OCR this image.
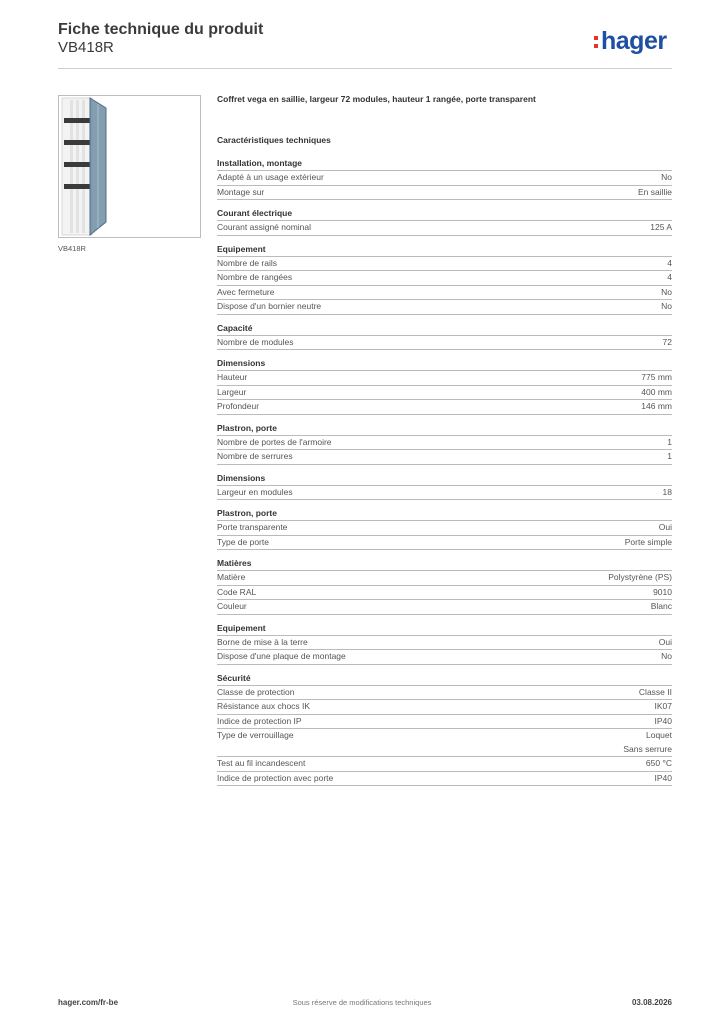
Fiche technique du produit
VB418R	hager
VB418R
Coffret vega en saillie, largeur 72 modules, hauteur 1 rangée, porte transparent
Caractéristiques techniques
Installation, montage
Adapté à un usage extérieur	No
Montage sur	En saillie
Courant électrique
Courant assigné nominal	125 A
Equipement
Nombre de rails	4
Nombre de rangées	4
Avec fermeture	No
Dispose d'un bornier neutre	No
Capacité
Nombre de modules	72
Dimensions
Hauteur	775 mm
Largeur	400 mm
Profondeur	146 mm
Plastron, porte
Nombre de portes de l'armoire	1
Nombre de serrures	1
Dimensions
Largeur en modules	18
Plastron, porte
Porte transparente	Oui
Type de porte	Porte simple
Matières
Matière	Polystyrène (PS)
Code RAL	9010
Couleur	Blanc
Equipement
Borne de mise à la terre	Oui
Dispose d'une plaque de montage	No
Sécurité
Classe de protection	Classe II
Résistance aux chocs IK	IK07
Indice de protection IP	IP40
Type de verrouillage	Loquet
Sans serrure
Test au fil incandescent	650 °C
Indice de protection avec porte	IP40
hager.com/fr-be	Sous réserve de modifications techniques	03.08.2026
